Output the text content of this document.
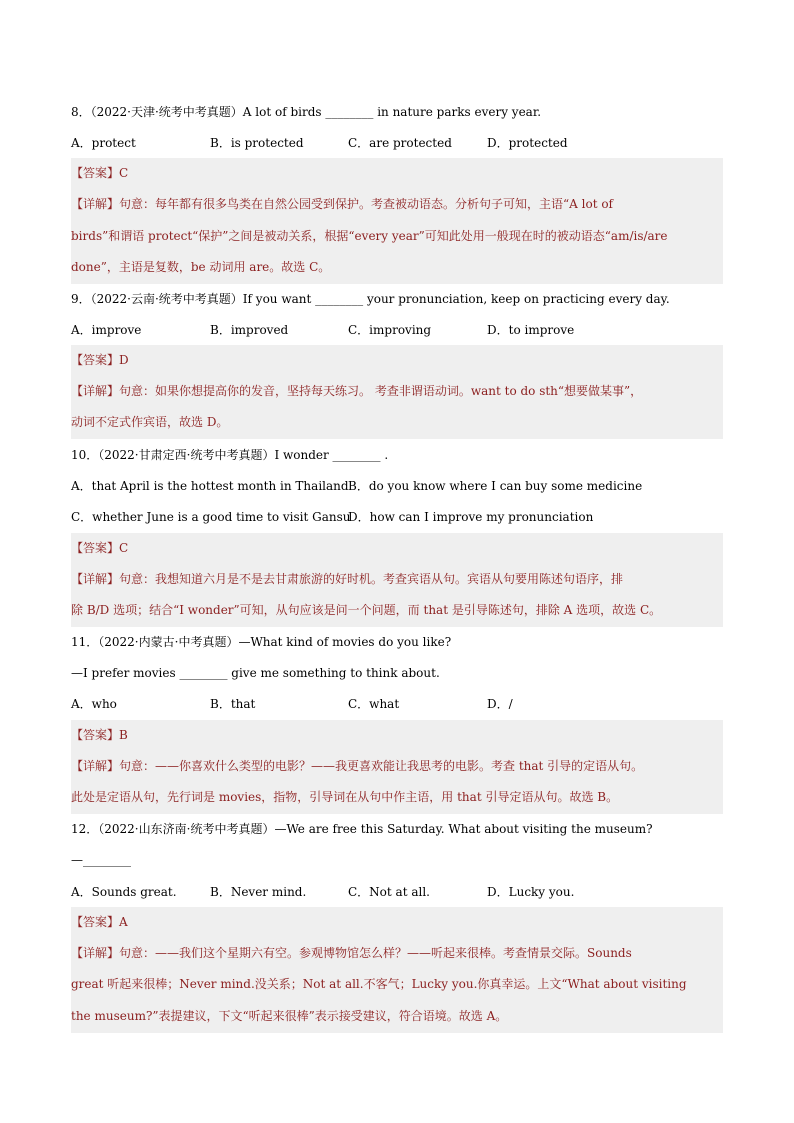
8．（2022·天津·统考中考真题）A lot of birds ________ in nature parks every year.
A．protect	B．is protected	C．are protected	D．protected
【答案】C
【详解】句意：每年都有很多鸟类在自然公园受到保护。考查被动语态。分析句子可知，主语“A lot of
birds”和谓语 protect“保护”之间是被动关系，根据“every year”可知此处用一般现在时的被动语态“am/is/are
done”，主语是复数，be 动词用 are。故选 C。
9．（2022·云南·统考中考真题）If you want ________ your pronunciation, keep on practicing every day.
A．improve	B．improved	C．improving	D．to improve
【答案】D
【详解】句意：如果你想提高你的发音，坚持每天练习。 考查非谓语动词。want to do sth“想要做某事”，
动词不定式作宾语，故选 D。
10．（2022·甘肃定西·统考中考真题）I wonder ________ .
A．that April is the hottest month in Thailand B．do you know where I can buy some medicine
C．whether June is a good time to visit Gansu
D．how can I improve my pronunciation
【答案】C
【详解】句意：我想知道六月是不是去甘肃旅游的好时机。考查宾语从句。宾语从句要用陈述句语序，排
除 B/D 选项；结合“I wonder”可知，从句应该是问一个问题，而 that 是引导陈述句，排除 A 选项，故选 C。
11．（2022·内蒙古·中考真题）—What kind of movies do you like?
—I prefer movies ________ give me something to think about.
A．who	B．that	C．what	D．/
【答案】B
【详解】句意：——你喜欢什么类型的电影？——我更喜欢能让我思考的电影。考查 that 引导的定语从句。
此处是定语从句，先行词是 movies，指物，引导词在从句中作主语，用 that 引导定语从句。故选 B。
12．（2022·山东济南·统考中考真题）—We are free this Saturday. What about visiting the museum?
—________
A．Sounds great.	B．Never mind.	C．Not at all.	D．Lucky you.
【答案】A
【详解】句意：——我们这个星期六有空。参观博物馆怎么样？——听起来很棒。考查情景交际。Sounds
great 听起来很棒；Never mind.没关系；Not at all.不客气；Lucky you.你真幸运。上文“What about visiting
the museum?”表提建议，下文“听起来很棒”表示接受建议，符合语境。故选 A。
